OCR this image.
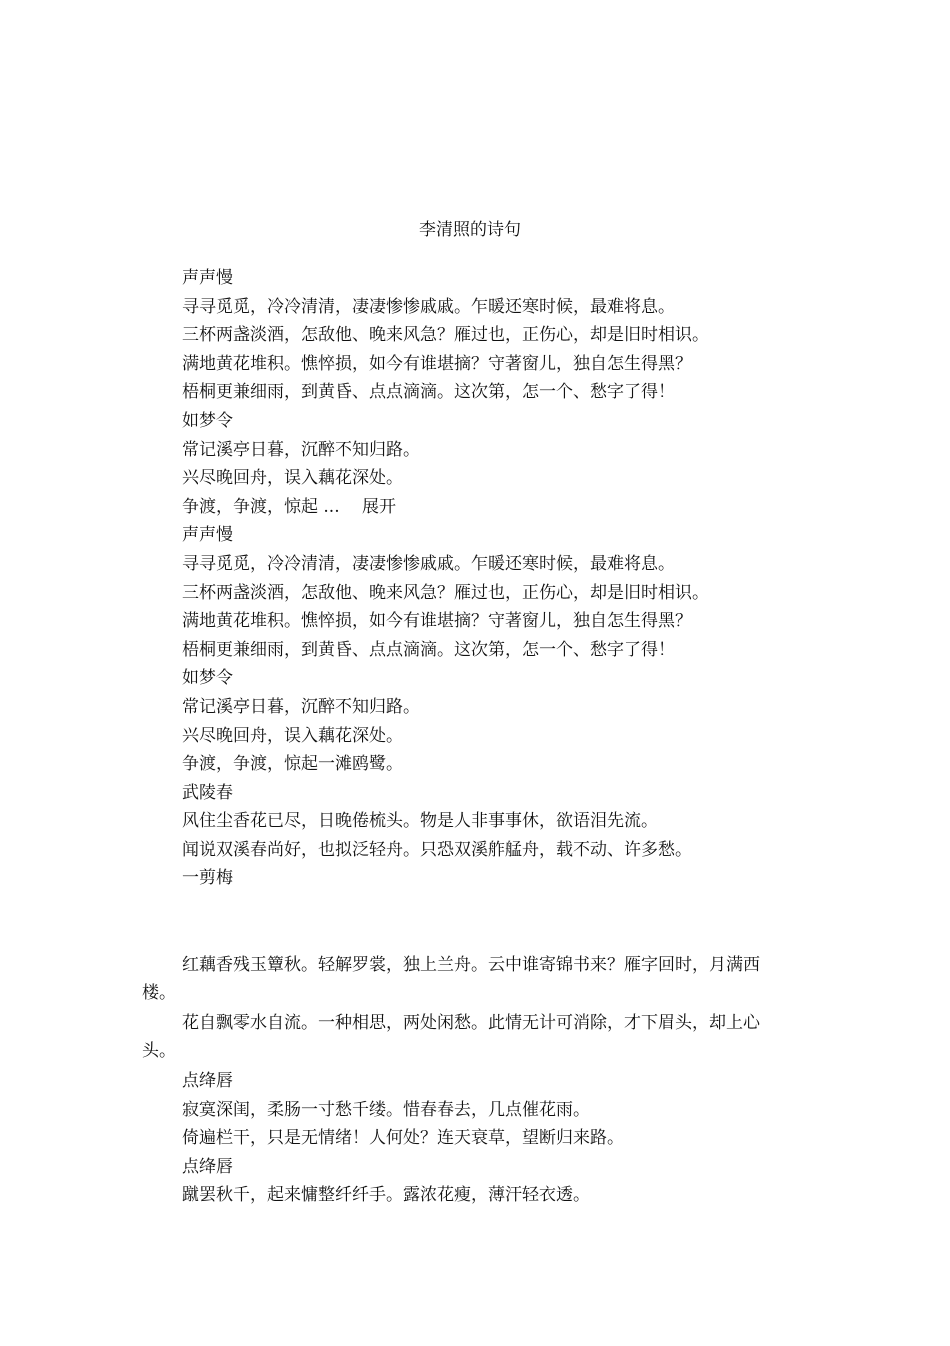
李清照的诗句
声声慢
寻寻觅觅，冷冷清清，凄凄惨惨戚戚。乍暖还寒时候，最难将息。
三杯两盏淡酒，怎敌他、晚来风急？雁过也，正伤心，却是旧时相识。
满地黄花堆积。憔悴损，如今有谁堪摘？守著窗儿，独自怎生得黑？
梧桐更兼细雨，到黄昏、点点滴滴。这次第，怎一个、愁字了得！
如梦令
常记溪亭日暮，沉醉不知归路。
兴尽晚回舟，误入藕花深处。
争渡，争渡，惊起 ...　 展开
声声慢
寻寻觅觅，冷冷清清，凄凄惨惨戚戚。乍暖还寒时候，最难将息。
三杯两盏淡酒，怎敌他、晚来风急？雁过也，正伤心，却是旧时相识。
满地黄花堆积。憔悴损，如今有谁堪摘？守著窗儿，独自怎生得黑？
梧桐更兼细雨，到黄昏、点点滴滴。这次第，怎一个、愁字了得！
如梦令
常记溪亭日暮，沉醉不知归路。
兴尽晚回舟，误入藕花深处。
争渡，争渡，惊起一滩鸥鹭。
武陵春
风住尘香花已尽，日晚倦梳头。物是人非事事休，欲语泪先流。
闻说双溪春尚好，也拟泛轻舟。只恐双溪舴艋舟，载不动、许多愁。
一剪梅

红藕香残玉簟秋。轻解罗裳，独上兰舟。云中谁寄锦书来？雁字回时，月满西楼。

花自飘零水自流。一种相思，两处闲愁。此情无计可消除，才下眉头，却上心头。

点绛唇
寂寞深闺，柔肠一寸愁千缕。惜春春去，几点催花雨。
倚遍栏干，只是无情绪！人何处？连天衰草，望断归来路。
点绛唇
蹴罢秋千，起来慵整纤纤手。露浓花瘦，薄汗轻衣透。
